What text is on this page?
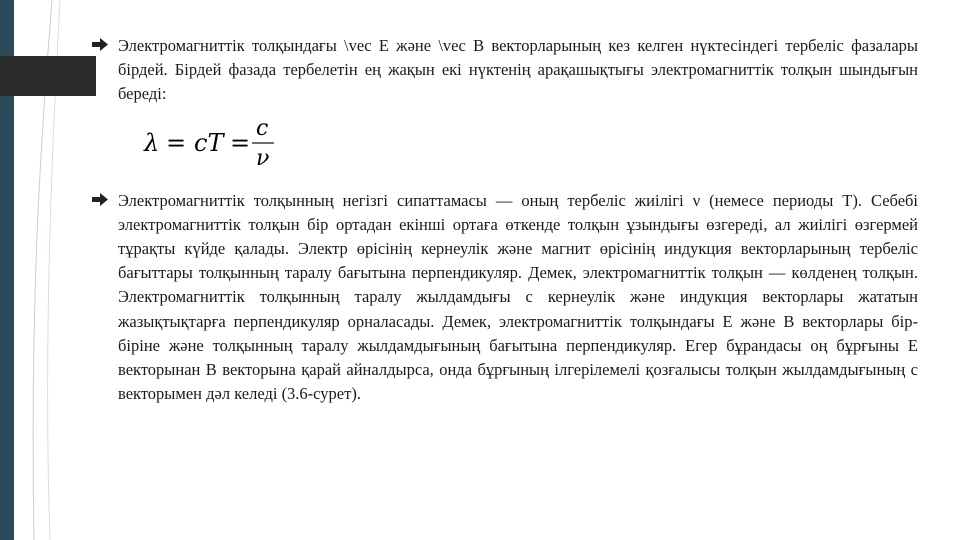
Электромагниттік толқындағы \vec E және \vec B векторларының кез келген нүктесіндегі тербеліс фазалары бірдей. Бірдей фазада тербелетін ең жақын екі нүктенің арақашықтығы электромагниттік толқын шындығын береді:

λ = cT =
c
ν

Электромагниттік толқынның негізгі сипаттамасы — оның тербеліс жиілігі ν (немесе периоды Т). Себебі электромагниттік толқын бір ортадан екінші ортаға өткенде толқын ұзындығы өзгереді, ал жиілігі өзгермей тұрақты күйде қалады. Электр өрісінің кернеулік және магнит өрісінің индукция векторларының тербеліс бағыттары толқынның таралу бағытына перпендикуляр. Демек, электромагниттік толқын — көлденең толқын. Электромагниттік толқынның таралу жылдамдығы с кернеулік және индукция векторлары жататын жазықтықтарға перпендикуляр орналасады. Демек, электромагниттік толқындағы Е және В векторлары бір-біріне және толқынның таралу жылдамдығының бағытына перпендикуляр. Егер бұрандасы оң бұрғыны Е векторынан В векторына қарай айналдырса, онда бұрғының ілгерілемелі қозғалысы толқын жылдамдығының с векторымен дәл келеді (3.6-сурет).
